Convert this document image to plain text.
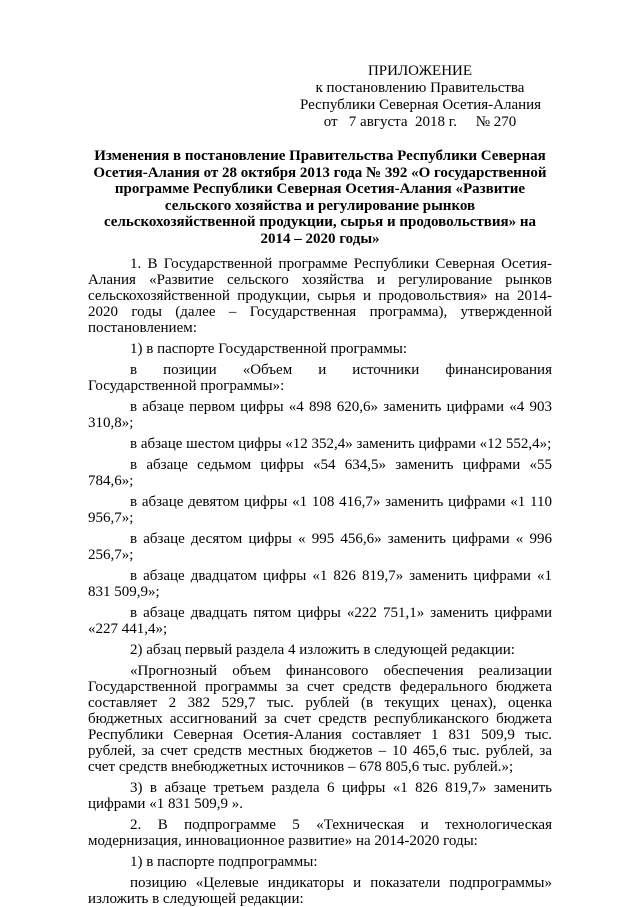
ПРИЛОЖЕНИЕ
к постановлению Правительства
Республики Северная Осетия-Алания
от   7 августа  2018 г.     № 270
Изменения в постановление Правительства Республики Северная Осетия-Алания от 28 октября 2013 года № 392 «О государственной программе Республики Северная Осетия-Алания «Развитие сельского хозяйства и регулирование рынков сельскохозяйственной продукции, сырья и продовольствия» на 2014 – 2020 годы»

1. В Государственной программе Республики Северная Осетия-Алания «Развитие сельского хозяйства и регулирование рынков сельскохозяйственной продукции, сырья и продовольствия» на 2014-2020 годы (далее – Государственная программа), утвержденной постановлением:

1) в паспорте Государственной программы:

в позиции «Объем и источники финансирования Государственной программы»:

в абзаце первом цифры «4 898 620,6» заменить цифрами «4 903 310,8»;

в абзаце шестом цифры «12 352,4» заменить цифрами «12 552,4»;

в абзаце седьмом цифры «54 634,5» заменить цифрами «55 784,6»;

в абзаце девятом цифры «1 108 416,7» заменить цифрами «1 110 956,7»;

в абзаце десятом цифры « 995 456,6» заменить цифрами « 996 256,7»;

в абзаце двадцатом цифры «1 826 819,7» заменить цифрами «1 831 509,9»;

в абзаце двадцать пятом цифры «222 751,1» заменить цифрами «227 441,4»;

2) абзац первый раздела 4 изложить в следующей редакции:

«Прогнозный объем финансового обеспечения реализации Государственной программы за счет средств федерального бюджета составляет 2 382 529,7 тыс. рублей (в текущих ценах), оценка бюджетных ассигнований за счет средств республиканского бюджета Республики Северная Осетия-Алания составляет 1 831 509,9 тыс. рублей, за счет средств местных бюджетов – 10 465,6 тыс. рублей, за счет средств внебюджетных источников – 678 805,6 тыс. рублей.»;

3) в абзаце третьем раздела 6 цифры «1 826 819,7» заменить цифрами «1 831 509,9 ».

2. В подпрограмме 5 «Техническая и технологическая модернизация, инновационное развитие» на 2014-2020 годы:

1) в паспорте подпрограммы:

позицию «Целевые индикаторы и показатели подпрограммы» изложить в следующей редакции:
